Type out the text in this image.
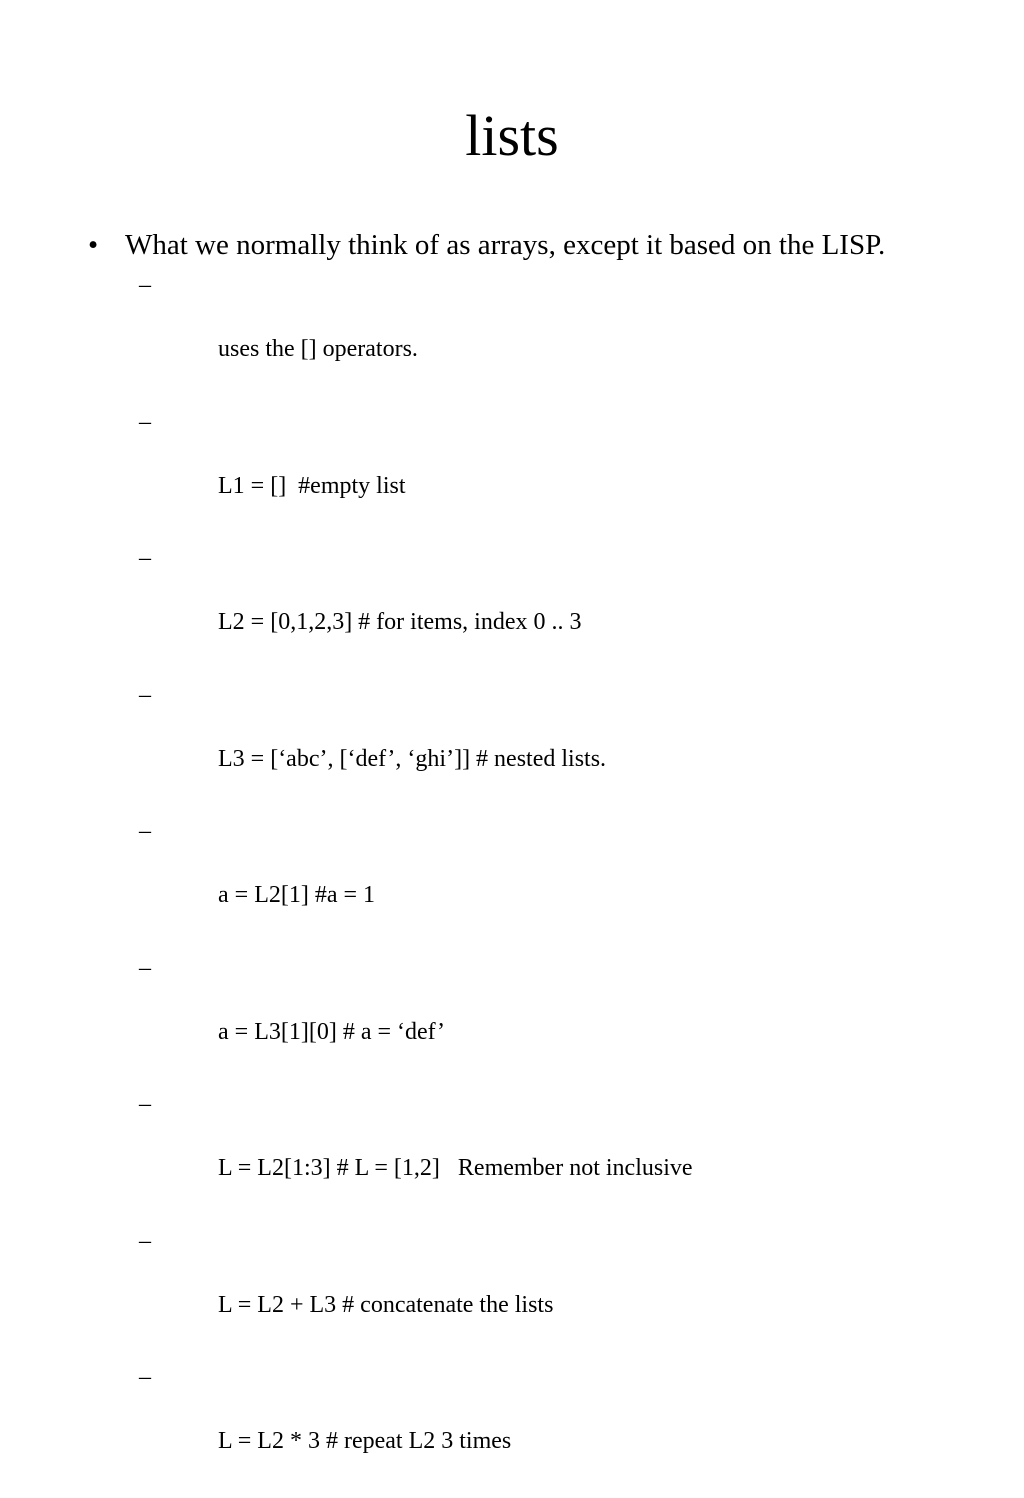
lists
• What we normally think of as arrays, except it based on the LISP.

–

uses the [] operators.

–

L1 = []  #empty list

–

L2 = [0,1,2,3] # for items, index 0 .. 3

–

L3 = [‘abc’, [‘def’, ‘ghi’]] # nested lists.

–

a = L2[1] #a = 1

–

a = L3[1][0] # a = ‘def’

–

L = L2[1:3] # L = [1,2]   Remember not inclusive

–

L = L2 + L3 # concatenate the lists

–

L = L2 * 3 # repeat L2 3 times
